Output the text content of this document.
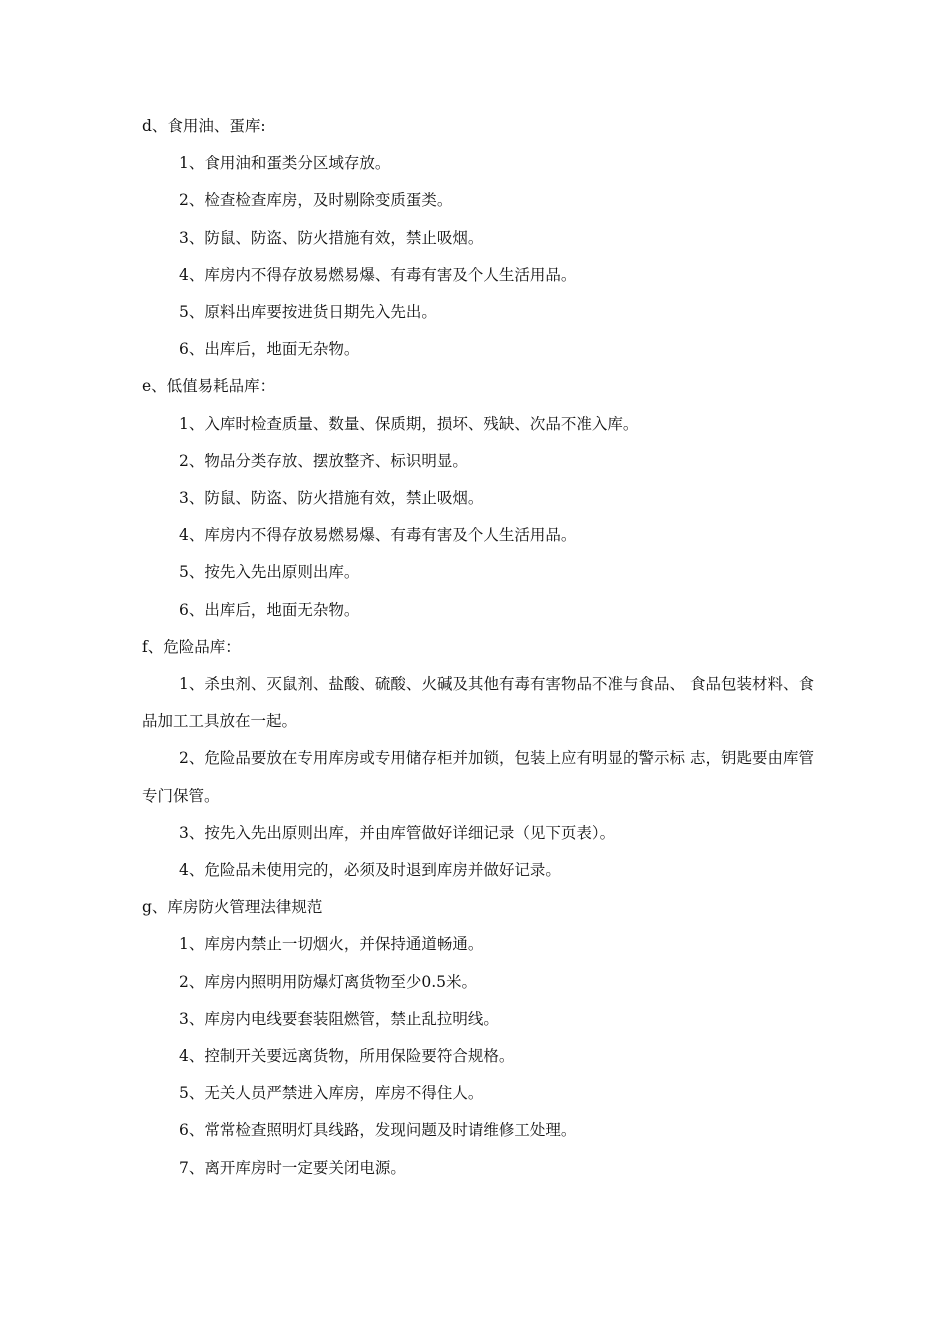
d、食用油、蛋库:
1、食用油和蛋类分区域存放。
2、检查检查库房，及时剔除变质蛋类。
3、防鼠、防盗、防火措施有效，禁止吸烟。
4、库房内不得存放易燃易爆、有毒有害及个人生活用品。
5、原料出库要按进货日期先入先出。
6、出库后，地面无杂物。
e、低值易耗品库：
1、入库时检查质量、数量、保质期，损坏、残缺、次品不准入库。
2、物品分类存放、摆放整齐、标识明显。
3、防鼠、防盗、防火措施有效，禁止吸烟。
4、库房内不得存放易燃易爆、有毒有害及个人生活用品。
5、按先入先出原则出库。
6、出库后，地面无杂物。
f、危险品库：
1、杀虫剂、灭鼠剂、盐酸、硫酸、火碱及其他有毒有害物品不准与食品、 食品包装材料、食品加工工具放在一起。
2、危险品要放在专用库房或专用储存柜并加锁，包装上应有明显的警示标 志，钥匙要由库管专门保管。
3、按先入先出原则出库，并由库管做好详细记录（见下页表）。
4、危险品未使用完的，必须及时退到库房并做好记录。
g、库房防火管理法律规范
1、库房内禁止一切烟火，并保持通道畅通。
2、库房内照明用防爆灯离货物至少0.5米。
3、库房内电线要套装阻燃管，禁止乱拉明线。
4、控制开关要远离货物，所用保险要符合规格。
5、无关人员严禁进入库房，库房不得住人。
6、常常检查照明灯具线路，发现问题及时请维修工处理。
7、离开库房时一定要关闭电源。
